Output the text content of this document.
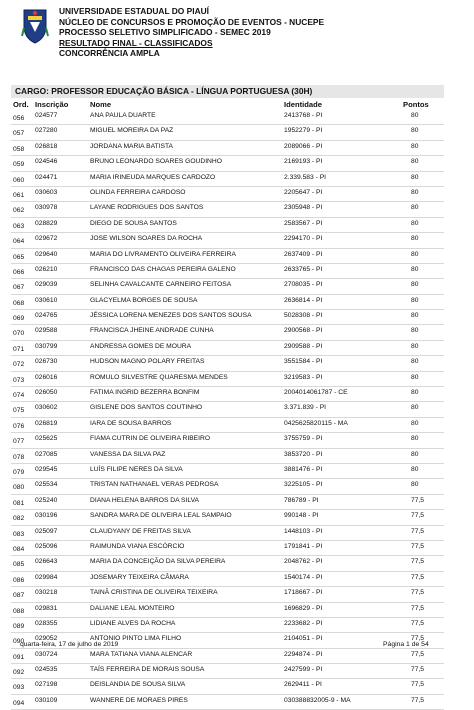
UNIVERSIDADE ESTADUAL DO PIAUÍ
NÚCLEO DE CONCURSOS E PROMOÇÃO DE EVENTOS - NUCEPE
PROCESSO SELETIVO SIMPLIFICADO - SEMEC 2019
RESULTADO FINAL - CLASSIFICADOS
CONCORRÊNCIA AMPLA
CARGO: PROFESSOR EDUCAÇÃO BÁSICA - LÍNGUA PORTUGUESA (30H)
Ord. Inscrição	Nome	Identidade	Pontos
056 024577	ANA PAULA DUARTE	2413768 - PI	80
057 027280	MIGUEL MOREIRA DA PAZ	1952279 - PI	80
058 026818	JORDANA MARIA BATISTA	2089066 - PI	80
059 024546	BRUNO LEONARDO SOARES GOUDINHO	2169193 - PI	80
060 024471	MARIA IRINEUDA MARQUES CARDOZO	2.339.583 - PI	80
061 030603	OLINDA FERREIRA CARDOSO	2205647 - PI	80
062 030978	LAYANE RODRIGUES DOS SANTOS	2305948 - PI	80
063 028829	DIEGO DE SOUSA SANTOS	2583567 - PI	80
064 029672	JOSE WILSON SOARES DA ROCHA	2294170 - PI	80
065 029640	MARIA DO LIVRAMENTO OLIVEIRA FERREIRA	2637409 - PI	80
066 026210	FRANCISCO DAS CHAGAS PEREIRA GALENO	2633765 - PI	80
067 029039	SELINHA CAVALCANTE CARNEIRO FEITOSA	2708035 - PI	80
068 030610	GLACYELMA BORGES DE SOUSA	2636814 - PI	80
069 024765	JÉSSICA LORENA MENEZES DOS SANTOS SOUSA	5028308 - PI	80
070 029588	FRANCISCA JHEINE ANDRADE CUNHA	2900568 - PI	80
071 030799	ANDRESSA GOMES DE MOURA	2909588 - PI	80
072 026730	HUDSON MAGNO POLARY FREITAS	3551584 - PI	80
073 026016	ROMULO SILVESTRE QUARESMA MENDES	3219583 - PI	80
074 026050	FATIMA INGRID BEZERRA BONFIM	2004014061787 - CE	80
075 030602	GISLENE DOS SANTOS COUTINHO	3.371.839 - PI	80
076 026819	IARA DE SOUSA BARROS	0425625820115 - MA	80
077 025625	FIAMA CUTRIN DE OLIVEIRA RIBEIRO	3755759 - PI	80
078 027085	VANESSA DA SILVA PAZ	3853720 - PI	80
079 029545	LUÍS FILIPE NERES DA SILVA	3881476 - PI	80
080 025534	TRISTAN NATHANAEL VERAS PEDROSA	3225105 - PI	80
081 025240	DIANA HELENA BARROS DA SILVA	786789 - PI	77,5
082 030196	SANDRA MARA DE OLIVEIRA LEAL SAMPAIO	990148 - PI	77,5
083 025097	CLAUDYANY DE FREITAS SILVA	1448103 - PI	77,5
084 025096	RAIMUNDA VIANA ESCÓRCIO	1791841 - PI	77,5
085 026643	MARIA DA CONCEIÇÃO DA SILVA PEREIRA	2048762 - PI	77,5
086 029984	JOSEMARY TEIXEIRA CÂMARA	1540174 - PI	77,5
087 030218	TAINÃ CRISTINA DE OLIVEIRA TEIXEIRA	1718667 - PI	77,5
088 029831	DALIANE LEAL MONTEIRO	1696829 - PI	77,5
089 028355	LIDIANE ALVES DA ROCHA	2233682 - PI	77,5
090 029052	ANTONIO PINTO LIMA FILHO	2104051 - PI	77,5
091 030724	MARA TATIANA VIANA ALENCAR	2294874 - PI	77,5
092 024535	TAÍS FERREIRA DE MORAIS SOUSA	2427599 - PI	77,5
093 027198	DEISLANDIA DE SOUSA SILVA	2629411 - PI	77,5
094 030109	WANNERE DE MORAES PIRES	030388832005-9 - MA	77,5
quarta-feira, 17 de julho de 2019	Página 1 de 54
